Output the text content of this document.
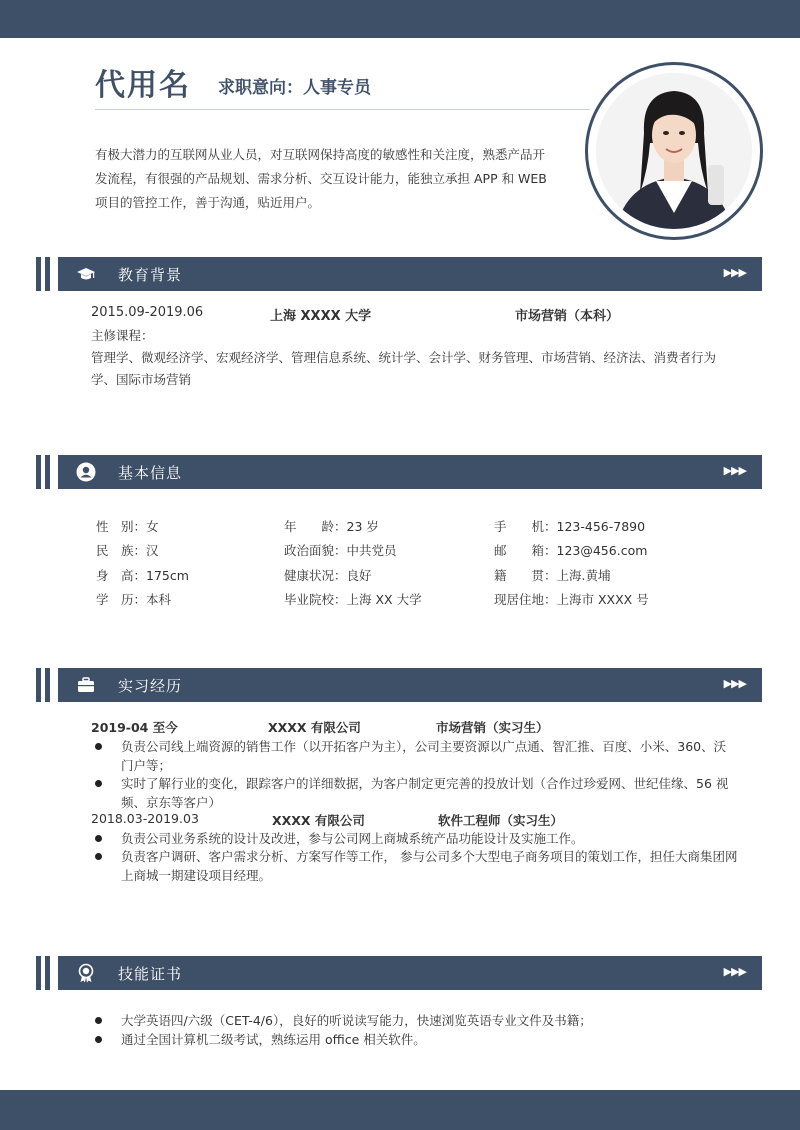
代用名 求职意向：人事专员
有极大潜力的互联网从业人员，对互联网保持高度的敏感性和关注度，熟悉产品开发流程，有很强的产品规划、需求分析、交互设计能力，能独立承担 APP 和 WEB 项目的管控工作，善于沟通，贴近用户。
教育背景	▶▶▶
2015.09-2019.06	上海 XXXX 大学	市场营销（本科）
主修课程：
管理学、微观经济学、宏观经济学、管理信息系统、统计学、会计学、财务管理、市场营销、经济法、消费者行为学、国际市场营销
基本信息	▶▶▶
性　别：女	年　　龄：23 岁	手　　机：123-456-7890
民　族：汉	政治面貌：中共党员	邮　　箱：123@456.com
身　高：175cm	健康状况：良好	籍　　贯：上海.黄埔
学　历：本科	毕业院校：上海 XX 大学	现居住地：上海市 XXXX 号
实习经历	▶▶▶
2019-04 至今	XXXX 有限公司	市场营销（实习生）
负责公司线上端资源的销售工作（以开拓客户为主），公司主要资源以广点通、智汇推、百度、小米、360、沃门户等；
实时了解行业的变化，跟踪客户的详细数据，为客户制定更完善的投放计划（合作过珍爱网、世纪佳缘、56 视频、京东等客户）
2018.03-2019.03	XXXX 有限公司	软件工程师（实习生）
负责公司业务系统的设计及改进，参与公司网上商城系统产品功能设计及实施工作。
负责客户调研、客户需求分析、方案写作等工作， 参与公司多个大型电子商务项目的策划工作，担任大商集团网上商城一期建设项目经理。
技能证书	▶▶▶
大学英语四/六级（CET-4/6），良好的听说读写能力，快速浏览英语专业文件及书籍；
通过全国计算机二级考试，熟练运用 office 相关软件。
